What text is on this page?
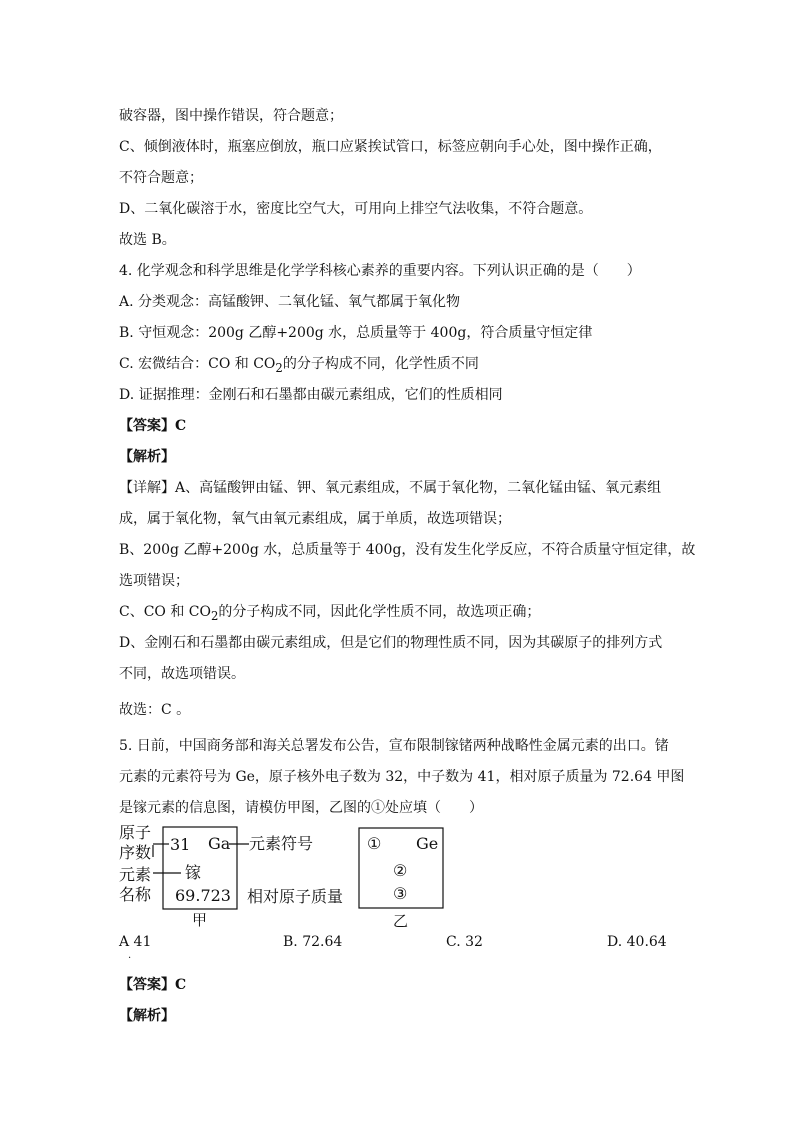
破容器，图中操作错误，符合题意；
C、倾倒液体时，瓶塞应倒放，瓶口应紧挨试管口，标签应朝向手心处，图中操作正确，
不符合题意；
D、二氧化碳溶于水，密度比空气大，可用向上排空气法收集，不符合题意。
故选 B。
4. 化学观念和科学思维是化学学科核心素养的重要内容。下列认识正确的是（　　）
A. 分类观念：高锰酸钾、二氧化锰、氧气都属于氧化物
B. 守恒观念：200g 乙醇+200g 水，总质量等于 400g，符合质量守恒定律
C. 宏微结合：CO 和 $CO_2$的分子构成不同，化学性质不同
D. 证据推理：金刚石和石墨都由碳元素组成，它们的性质相同
【答案】C
【解析】
【详解】A、高锰酸钾由锰、钾、氧元素组成，不属于氧化物，二氧化锰由锰、氧元素组
成，属于氧化物，氧气由氧元素组成，属于单质，故选项错误；
B、200g 乙醇+200g 水，总质量等于 400g，没有发生化学反应，不符合质量守恒定律，故
选项错误；
C、CO 和 $CO_2$的分子构成不同，因此化学性质不同，故选项正确；
D、金刚石和石墨都由碳元素组成，但是它们的物理性质不同，因为其碳原子的排列方式
不同，故选项错误。
故选：C 。
5. 日前，中国商务部和海关总署发布公告，宣布限制镓锗两种战略性金属元素的出口。锗
元素的元素符号为 Ge，原子核外电子数为 32，中子数为 41，相对原子质量为 72.64 甲图
是镓元素的信息图，请模仿甲图，乙图的①处应填（　　）
原子
序数
元素
名称
31 Ga
镓
69.723
元素符号
相对原子质量
甲
① Ge
②
③
乙
A 41	B. 72.64	C. 32	D. 40.64
.
【答案】C
【解析】
